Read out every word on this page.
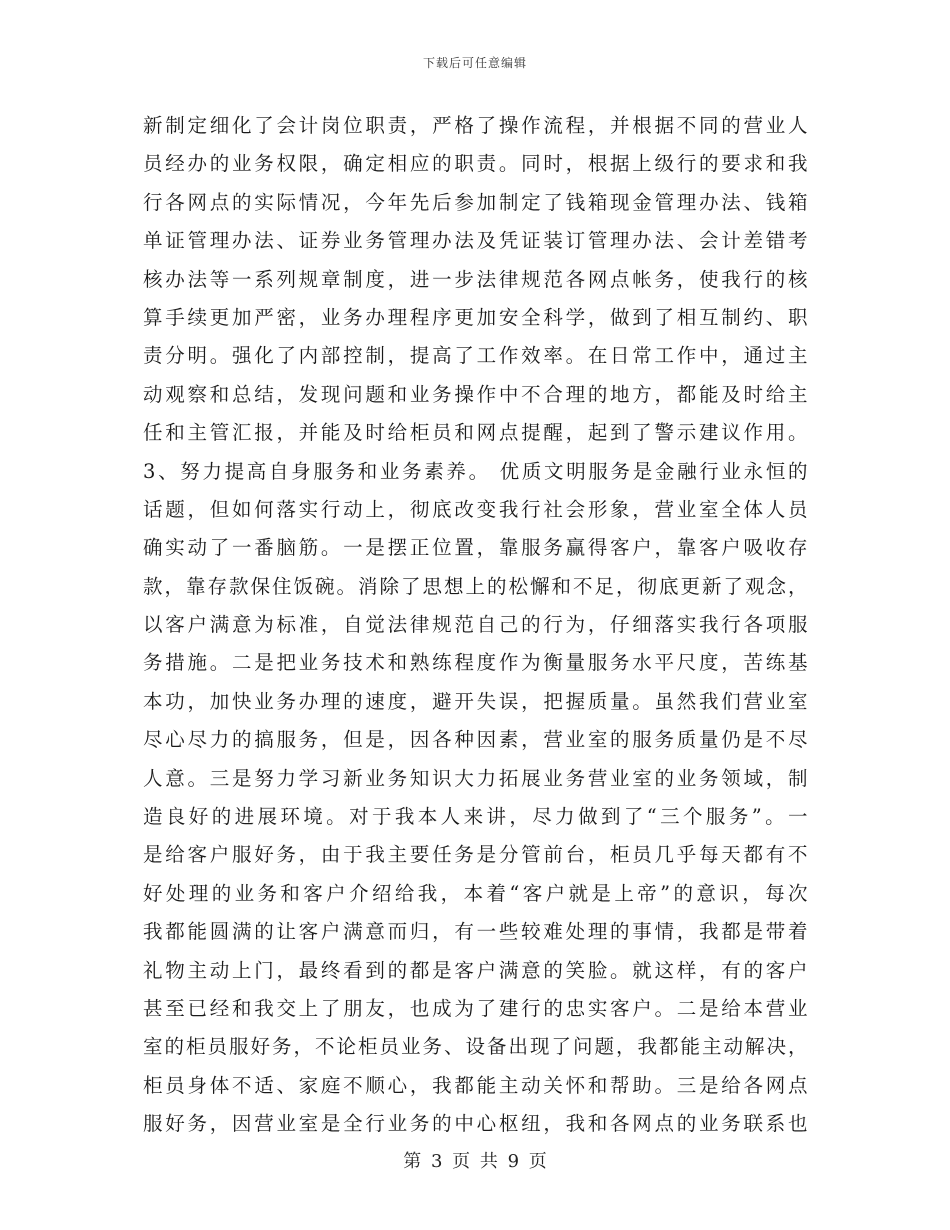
下载后可任意编辑
新制定细化了会计岗位职责，严格了操作流程，并根据不同的营业人
员经办的业务权限，确定相应的职责。同时，根据上级行的要求和我
行各网点的实际情况，今年先后参加制定了钱箱现金管理办法、钱箱
单证管理办法、证券业务管理办法及凭证装订管理办法、会计差错考
核办法等一系列规章制度，进一步法律规范各网点帐务，使我行的核
算手续更加严密，业务办理程序更加安全科学，做到了相互制约、职
责分明。强化了内部控制，提高了工作效率。在日常工作中，通过主
动观察和总结，发现问题和业务操作中不合理的地方，都能及时给主
任和主管汇报，并能及时给柜员和网点提醒，起到了警示建议作用。
3、努力提高自身服务和业务素养。 优质文明服务是金融行业永恒的
话题，但如何落实行动上，彻底改变我行社会形象，营业室全体人员
确实动了一番脑筋。一是摆正位置，靠服务赢得客户，靠客户吸收存
款，靠存款保住饭碗。消除了思想上的松懈和不足，彻底更新了观念，
以客户满意为标准，自觉法律规范自己的行为，仔细落实我行各项服
务措施。二是把业务技术和熟练程度作为衡量服务水平尺度，苦练基
本功，加快业务办理的速度，避开失误，把握质量。虽然我们营业室
尽心尽力的搞服务，但是，因各种因素，营业室的服务质量仍是不尽
人意。三是努力学习新业务知识大力拓展业务营业室的业务领域，制
造良好的进展环境。对于我本人来讲，尽力做到了“三个服务”。一
是给客户服好务，由于我主要任务是分管前台，柜员几乎每天都有不
好处理的业务和客户介绍给我，本着“客户就是上帝”的意识，每次
我都能圆满的让客户满意而归，有一些较难处理的事情，我都是带着
礼物主动上门，最终看到的都是客户满意的笑脸。就这样，有的客户
甚至已经和我交上了朋友，也成为了建行的忠实客户。二是给本营业
室的柜员服好务，不论柜员业务、设备出现了问题，我都能主动解决，
柜员身体不适、家庭不顺心，我都能主动关怀和帮助。三是给各网点
服好务，因营业室是全行业务的中心枢纽，我和各网点的业务联系也
第 3 页 共 9 页
